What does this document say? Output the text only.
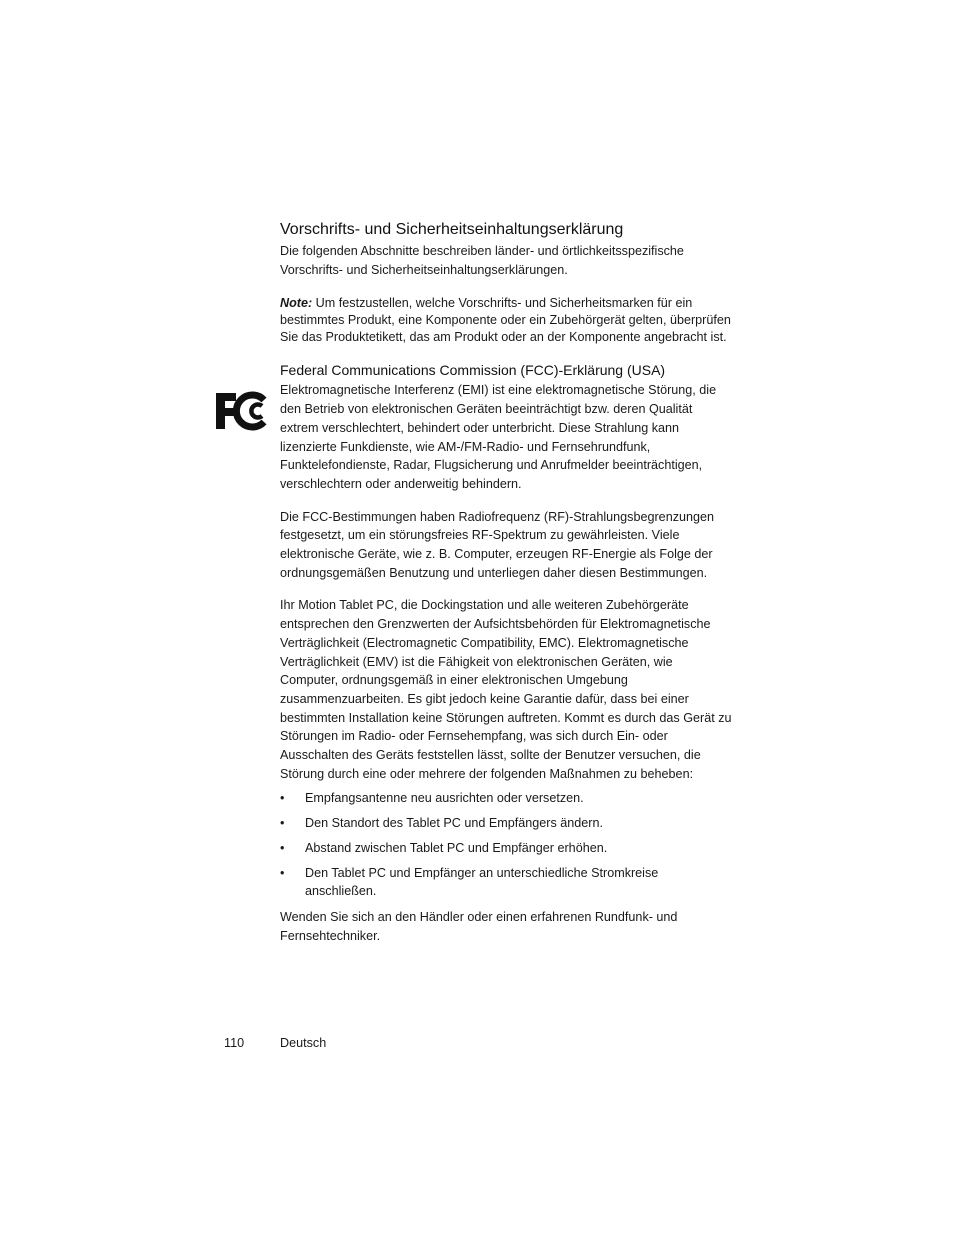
Vorschrifts- und Sicherheitseinhaltungserklärung

Die folgenden Abschnitte beschreiben länder- und örtlichkeitsspezifische Vorschrifts- und Sicherheitseinhaltungserklärungen.

Note: Um festzustellen, welche Vorschrifts- und Sicherheitsmarken für ein bestimmtes Produkt, eine Komponente oder ein Zubehörgerät gelten, überprüfen Sie das Produktetikett, das am Produkt oder an der Komponente angebracht ist.

Federal Communications Commission (FCC)-Erklärung (USA)

Elektromagnetische Interferenz (EMI) ist eine elektromagnetische Störung, die den Betrieb von elektronischen Geräten beeinträchtigt bzw. deren Qualität extrem verschlechtert, behindert oder unterbricht. Diese Strahlung kann lizenzierte Funkdienste, wie AM-/FM-Radio- und Fernsehrundfunk, Funktelefondienste, Radar, Flugsicherung und Anrufmelder beeinträchtigen, verschlechtern oder anderweitig behindern.

Die FCC-Bestimmungen haben Radiofrequenz (RF)-Strahlungsbegrenzungen festgesetzt, um ein störungsfreies RF-Spektrum zu gewährleisten. Viele elektronische Geräte, wie z. B. Computer, erzeugen RF-Energie als Folge der ordnungsgemäßen Benutzung und unterliegen daher diesen Bestimmungen.

Ihr Motion Tablet PC, die Dockingstation und alle weiteren Zubehörgeräte entsprechen den Grenzwerten der Aufsichtsbehörden für Elektromagnetische Verträglichkeit (Electromagnetic Compatibility, EMC). Elektromagnetische Verträglichkeit (EMV) ist die Fähigkeit von elektronischen Geräten, wie Computer, ordnungsgemäß in einer elektronischen Umgebung zusammenzuarbeiten. Es gibt jedoch keine Garantie dafür, dass bei einer bestimmten Installation keine Störungen auftreten. Kommt es durch das Gerät zu Störungen im Radio- oder Fernsehempfang, was sich durch Ein- oder Ausschalten des Geräts feststellen lässt, sollte der Benutzer versuchen, die Störung durch eine oder mehrere der folgenden Maßnahmen zu beheben:

• Empfangsantenne neu ausrichten oder versetzen.
• Den Standort des Tablet PC und Empfängers ändern.
• Abstand zwischen Tablet PC und Empfänger erhöhen.
• Den Tablet PC und Empfänger an unterschiedliche Stromkreise anschließen.

Wenden Sie sich an den Händler oder einen erfahrenen Rundfunk- und Fernsehtechniker.

110	Deutsch
